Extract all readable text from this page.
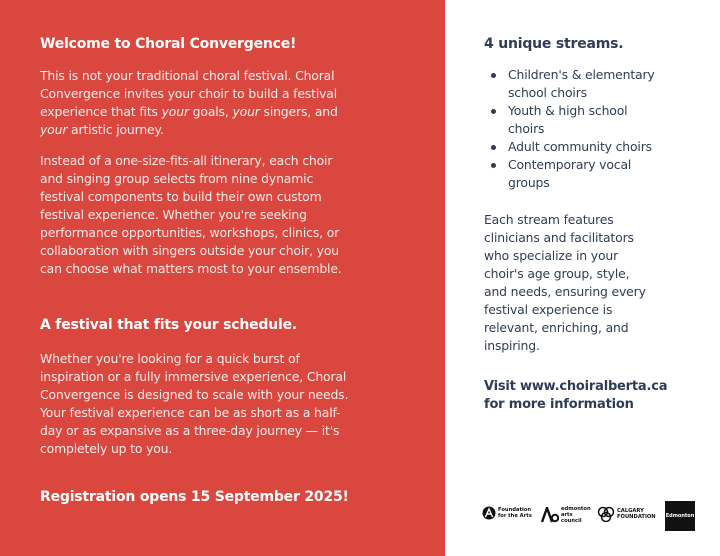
Welcome to Choral Convergence!
This is not your traditional choral festival. Choral
Convergence invites your choir to build a festival
experience that fits your goals, your singers, and
your artistic journey.
Instead of a one-size-fits-all itinerary, each choir
and singing group selects from nine dynamic
festival components to build their own custom
festival experience. Whether you're seeking
performance opportunities, workshops, clinics, or
collaboration with singers outside your choir, you
can choose what matters most to your ensemble.
A festival that fits your schedule.
Whether you're looking for a quick burst of
inspiration or a fully immersive experience, Choral
Convergence is designed to scale with your needs.
Your festival experience can be as short as a half-
day or as expansive as a three-day journey — it's
completely up to you.
Registration opens 15 September 2025!
4 unique streams.
Children's & elementary
school choirs
Youth & high school
choirs
Adult community choirs
Contemporary vocal
groups
Each stream features
clinicians and facilitators
who specialize in your
choir's age group, style,
and needs, ensuring every
festival experience is
relevant, enriching, and
inspiring.
Visit www.choiralberta.ca
for more information
Foundation
for the Arts
edmonton
arts
council
CALGARY
FOUNDATION Edmonton
